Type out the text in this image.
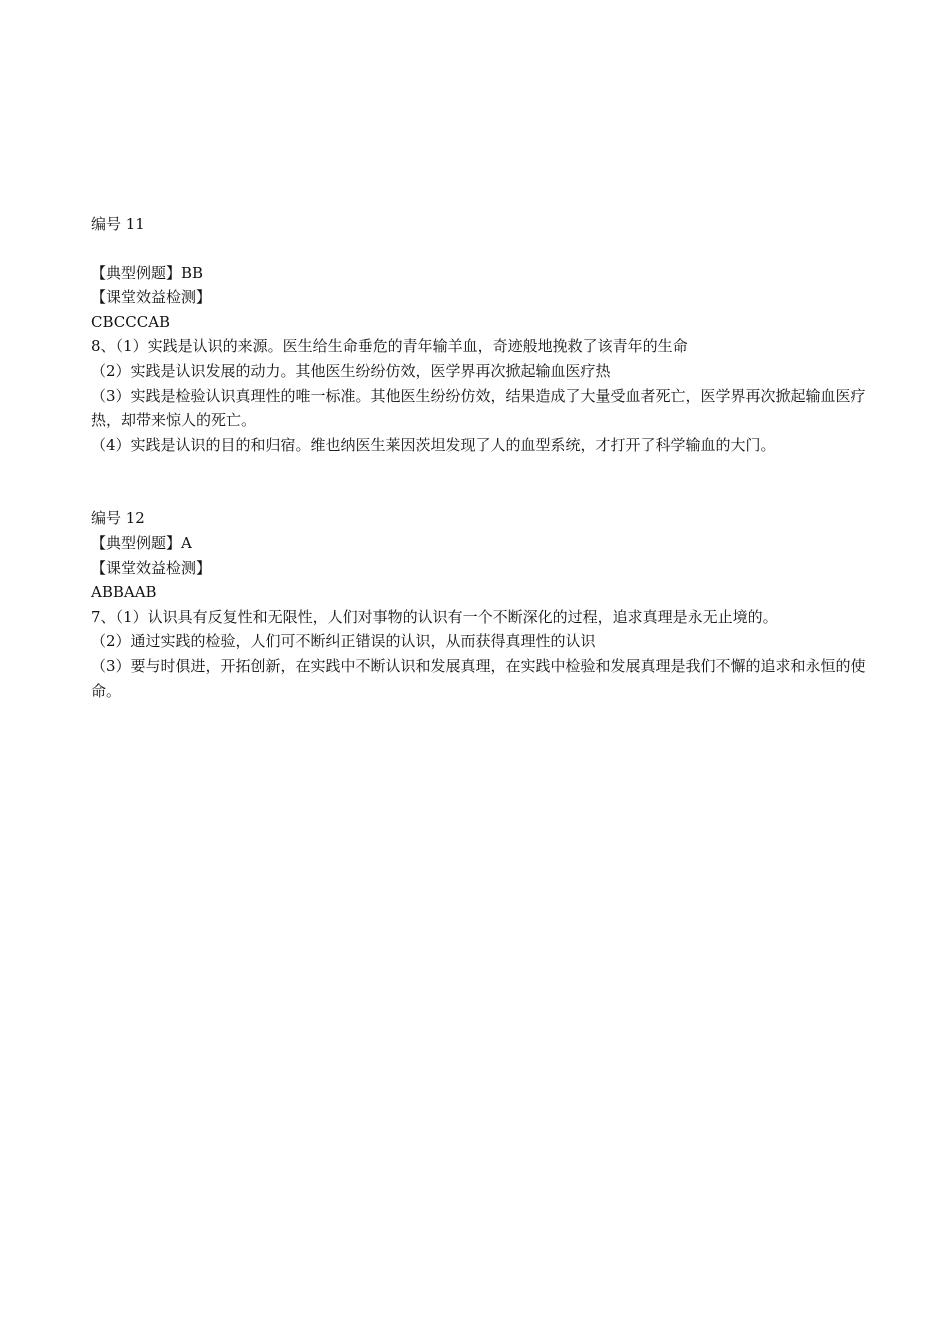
编号 11
【典型例题】BB
【课堂效益检测】
CBCCCAB
8、（1）实践是认识的来源。医生给生命垂危的青年输羊血，奇迹般地挽救了该青年的生命
（2）实践是认识发展的动力。其他医生纷纷仿效，医学界再次掀起输血医疗热
（3）实践是检验认识真理性的唯一标准。其他医生纷纷仿效，结果造成了大量受血者死亡，医学界再次掀起输血医疗热，却带来惊人的死亡。
（4）实践是认识的目的和归宿。维也纳医生莱因茨坦发现了人的血型系统，才打开了科学输血的大门。
编号 12
【典型例题】A
【课堂效益检测】
ABBAAB
7、（1）认识具有反复性和无限性，人们对事物的认识有一个不断深化的过程，追求真理是永无止境的。
（2）通过实践的检验，人们可不断纠正错误的认识，从而获得真理性的认识
（3）要与时俱进，开拓创新，在实践中不断认识和发展真理，在实践中检验和发展真理是我们不懈的追求和永恒的使命。
